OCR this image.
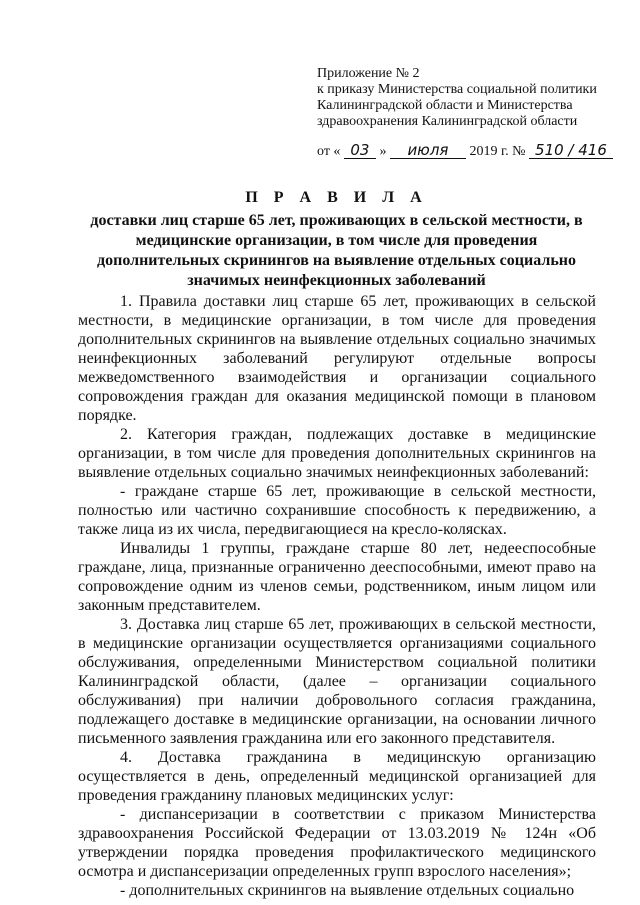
Приложение № 2
к приказу Министерства социальной политики
Калининградской области и Министерства
здравоохранения Калининградской области
от « 03 » июля 2019 г. № 510 / 416
П Р А В И Л А
доставки лиц старше 65 лет, проживающих в сельской местности, в медицинские организации, в том числе для проведения дополнительных скринингов на выявление отдельных социально значимых неинфекционных заболеваний

1. Правила доставки лиц старше 65 лет, проживающих в сельской местности, в медицинские организации, в том числе для проведения дополнительных скринингов на выявление отдельных социально значимых неинфекционных заболеваний регулируют отдельные вопросы межведомственного взаимодействия и организации социального сопровождения граждан для оказания медицинской помощи в плановом порядке.

2. Категория граждан, подлежащих доставке в медицинские организации, в том числе для проведения дополнительных скринингов на выявление отдельных социально значимых неинфекционных заболеваний:

- граждане старше 65 лет, проживающие в сельской местности, полностью или частично сохранившие способность к передвижению, а также лица из их числа, передвигающиеся на кресло-колясках.

Инвалиды 1 группы, граждане старше 80 лет, недееспособные граждане, лица, признанные ограниченно дееспособными, имеют право на сопровождение одним из членов семьи, родственником, иным лицом или законным представителем.

3. Доставка лиц старше 65 лет, проживающих в сельской местности, в медицинские организации осуществляется организациями социального обслуживания, определенными Министерством социальной политики Калининградской области, (далее – организации социального обслуживания) при наличии добровольного согласия гражданина, подлежащего доставке в медицинские организации, на основании личного письменного заявления гражданина или его законного представителя.

4. Доставка гражданина в медицинскую организацию осуществляется в день, определенный медицинской организацией для проведения гражданину плановых медицинских услуг:

- диспансеризации в соответствии с приказом Министерства здравоохранения Российской Федерации от 13.03.2019 № 124н «Об утверждении порядка проведения профилактического медицинского осмотра и диспансеризации определенных групп взрослого населения»;

- дополнительных скринингов на выявление отдельных социально
